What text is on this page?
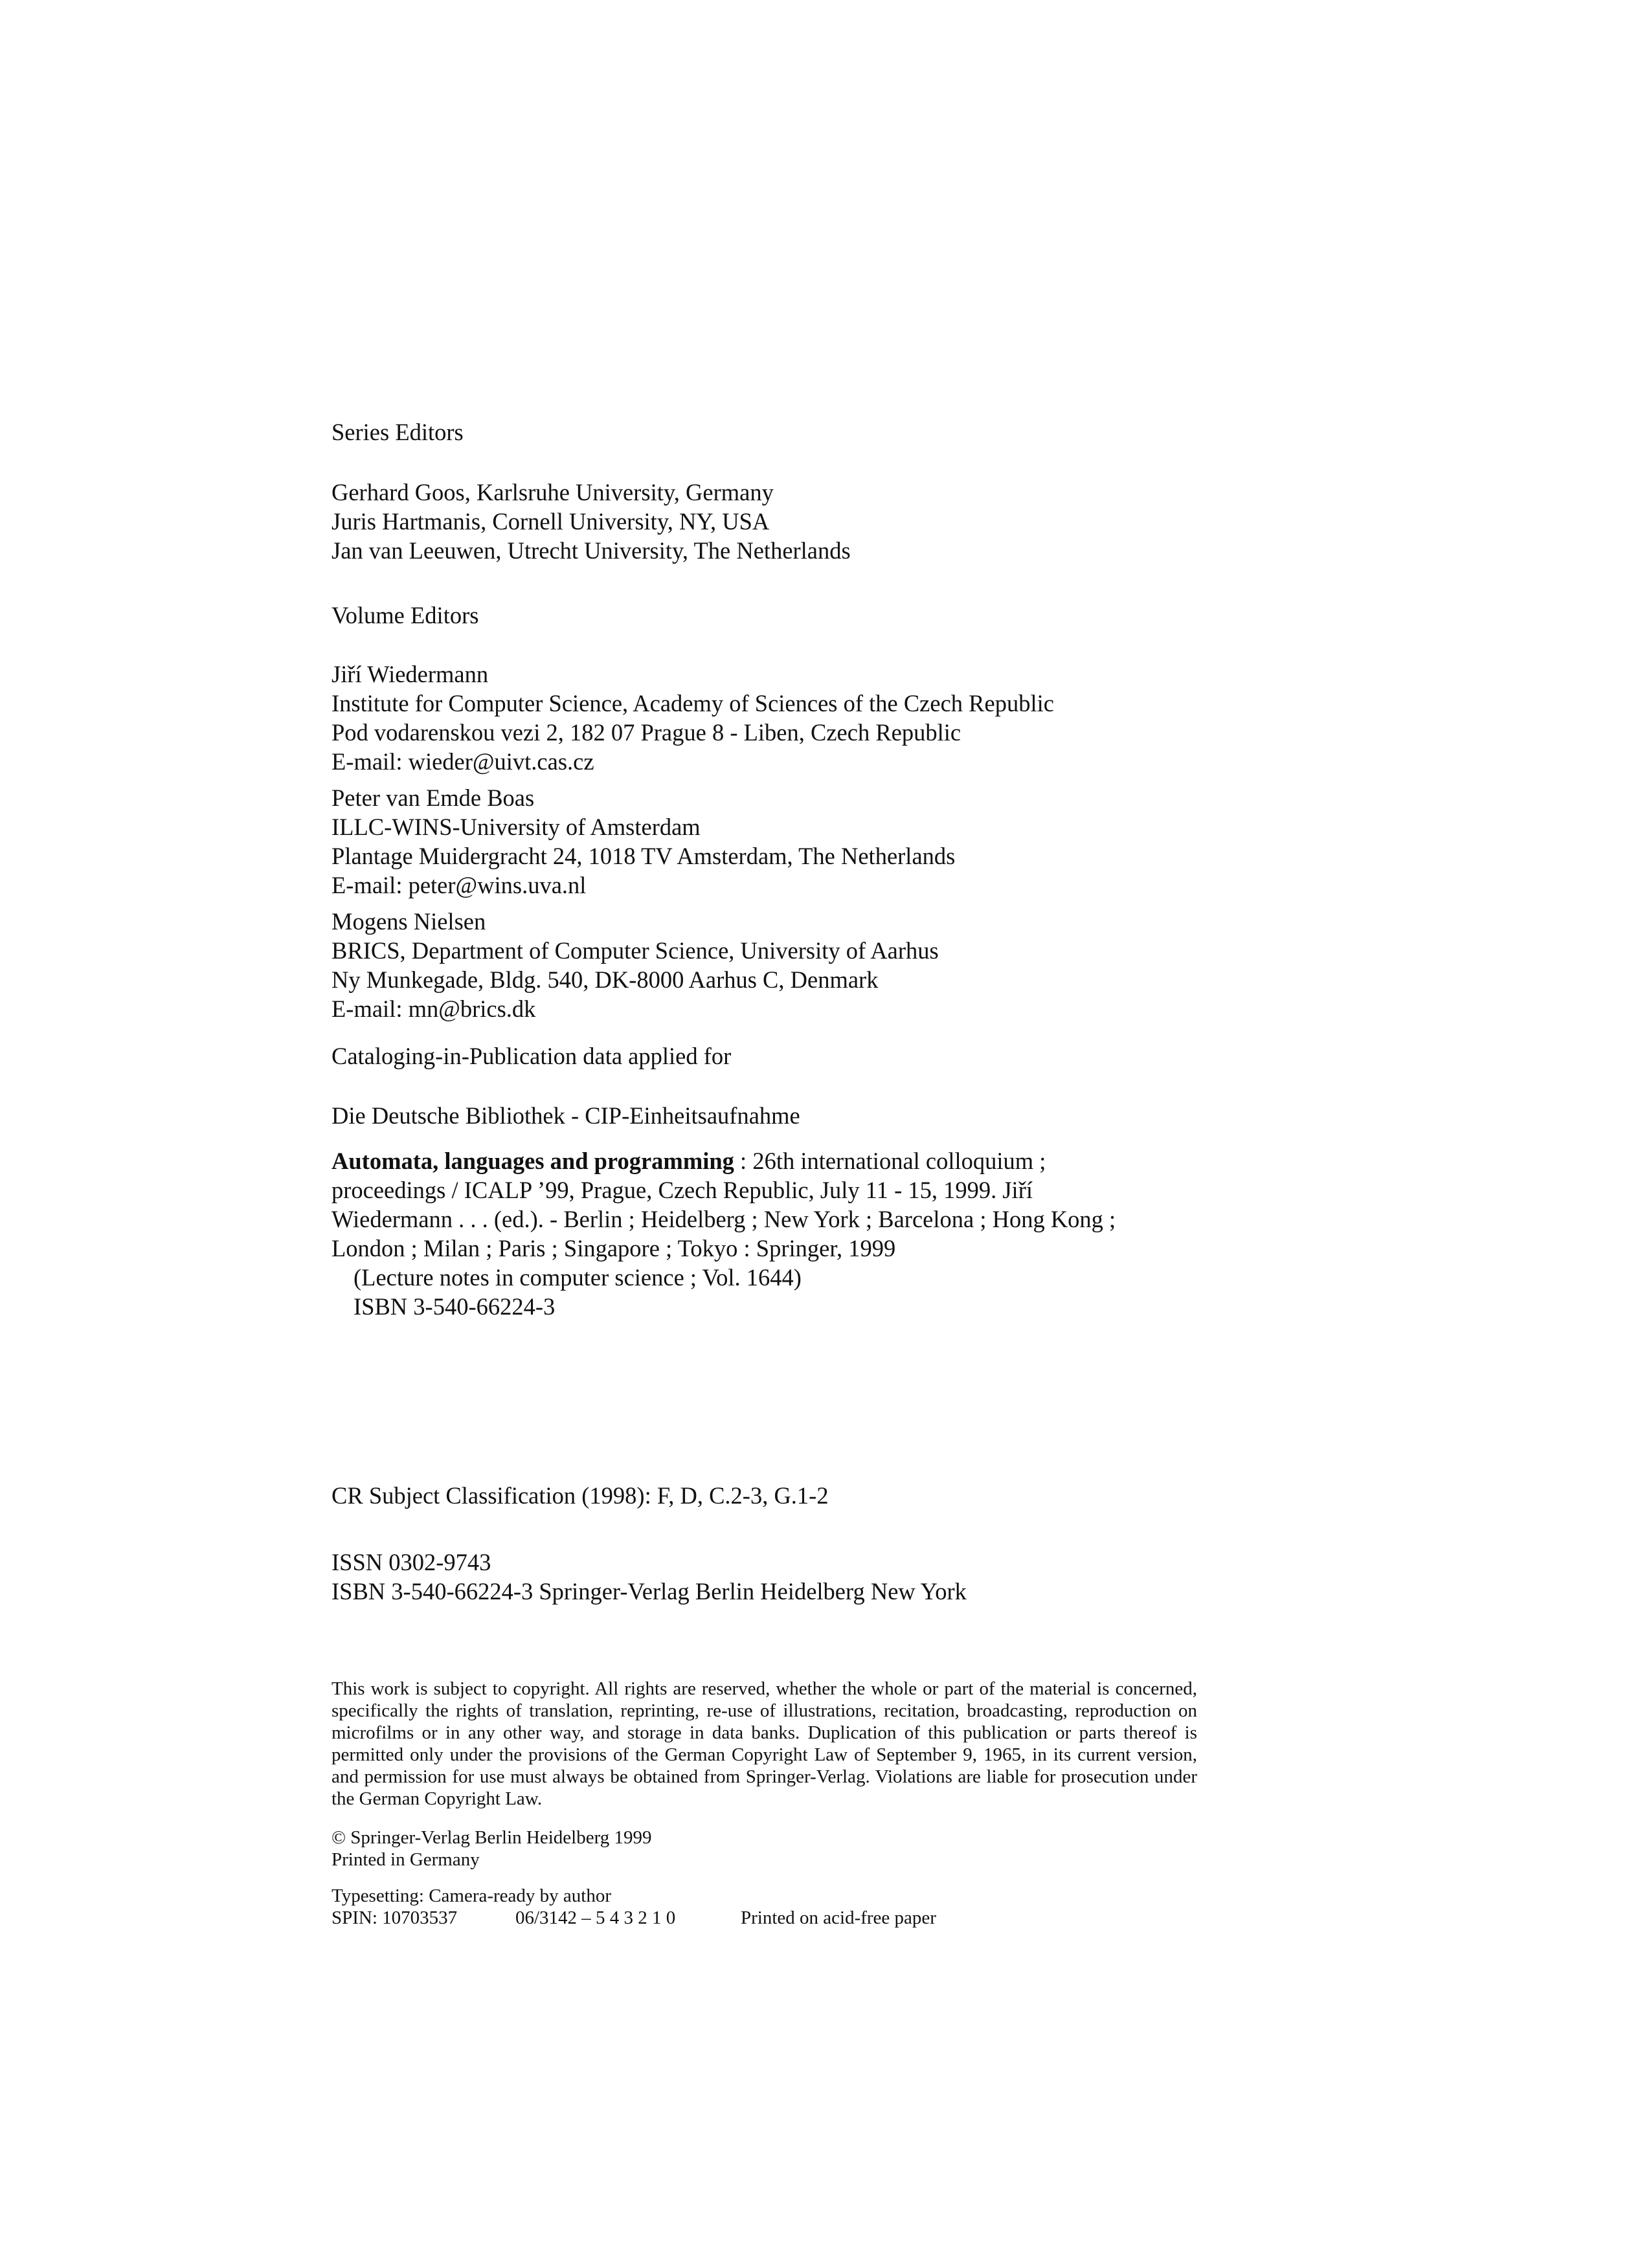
Series Editors
Gerhard Goos, Karlsruhe University, Germany
Juris Hartmanis, Cornell University, NY, USA
Jan van Leeuwen, Utrecht University, The Netherlands
Volume Editors
Jiří Wiedermann
Institute for Computer Science, Academy of Sciences of the Czech Republic
Pod vodarenskou vezi 2, 182 07 Prague 8 - Liben, Czech Republic
E-mail: wieder@uivt.cas.cz
Peter van Emde Boas
ILLC-WINS-University of Amsterdam
Plantage Muidergracht 24, 1018 TV Amsterdam, The Netherlands
E-mail: peter@wins.uva.nl
Mogens Nielsen
BRICS, Department of Computer Science, University of Aarhus
Ny Munkegade, Bldg. 540, DK-8000 Aarhus C, Denmark
E-mail: mn@brics.dk
Cataloging-in-Publication data applied for
Die Deutsche Bibliothek - CIP-Einheitsaufnahme
Automata, languages and programming : 26th international colloquium ;
proceedings / ICALP ’99, Prague, Czech Republic, July 11 - 15, 1999. Jiří
Wiedermann . . . (ed.). - Berlin ; Heidelberg ; New York ; Barcelona ; Hong Kong ;
London ; Milan ; Paris ; Singapore ; Tokyo : Springer, 1999
(Lecture notes in computer science ; Vol. 1644)
ISBN 3-540-66224-3
CR Subject Classification (1998): F, D, C.2-3, G.1-2
ISSN 0302-9743
ISBN 3-540-66224-3 Springer-Verlag Berlin Heidelberg New York
This work is subject to copyright. All rights are reserved, whether the whole or part of the material is concerned, specifically the rights of translation, reprinting, re-use of illustrations, recitation, broadcasting, reproduction on microfilms or in any other way, and storage in data banks. Duplication of this publication or parts thereof is permitted only under the provisions of the German Copyright Law of September 9, 1965, in its current version, and permission for use must always be obtained from Springer-Verlag. Violations are liable for prosecution under the German Copyright Law.
© Springer-Verlag Berlin Heidelberg 1999
Printed in Germany
Typesetting: Camera-ready by author
SPIN: 10703537	06/3142 – 5 4 3 2 1 0	Printed on acid-free paper
